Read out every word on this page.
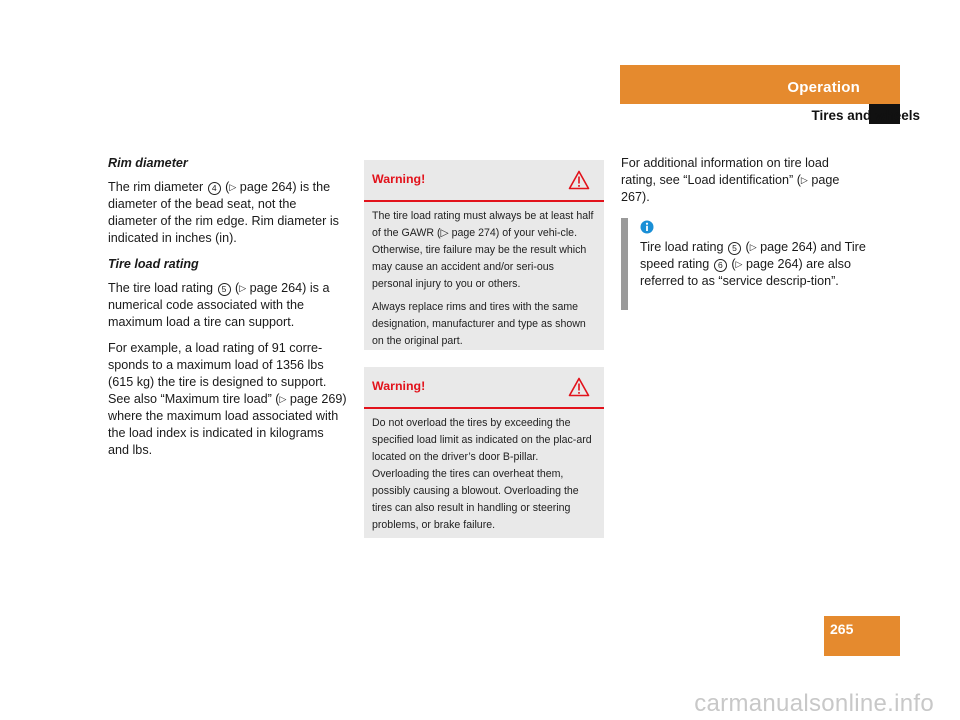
Operation
Tires and wheels

Rim diameter

The rim diameter 4 (▷ page 264) is the diameter of the bead seat, not the diameter of the rim edge. Rim diameter is indicated in inches (in).

Tire load rating

The tire load rating 5 (▷ page 264) is a numerical code associated with the maximum load a tire can support.

For example, a load rating of 91 corre-sponds to a maximum load of 1356 lbs (615 kg) the tire is designed to support. See also “Maximum tire load” (▷ page 269) where the maximum load associated with the load index is indicated in kilograms and lbs.

Warning!

The tire load rating must always be at least half of the GAWR (▷ page 274) of your vehi-cle. Otherwise, tire failure may be the result which may cause an accident and/or seri-ous personal injury to you or others.

Always replace rims and tires with the same designation, manufacturer and type as shown on the original part.

Warning!

Do not overload the tires by exceeding the specified load limit as indicated on the plac-ard located on the driver’s door B-pillar. Overloading the tires can overheat them, possibly causing a blowout. Overloading the tires can also result in handling or steering problems, or brake failure.

For additional information on tire load rating, see “Load identification” (▷ page 267).

Tire load rating 5 (▷ page 264) and Tire speed rating 6 (▷ page 264) are also referred to as “service descrip-tion”.
265
carmanualsonline.info
